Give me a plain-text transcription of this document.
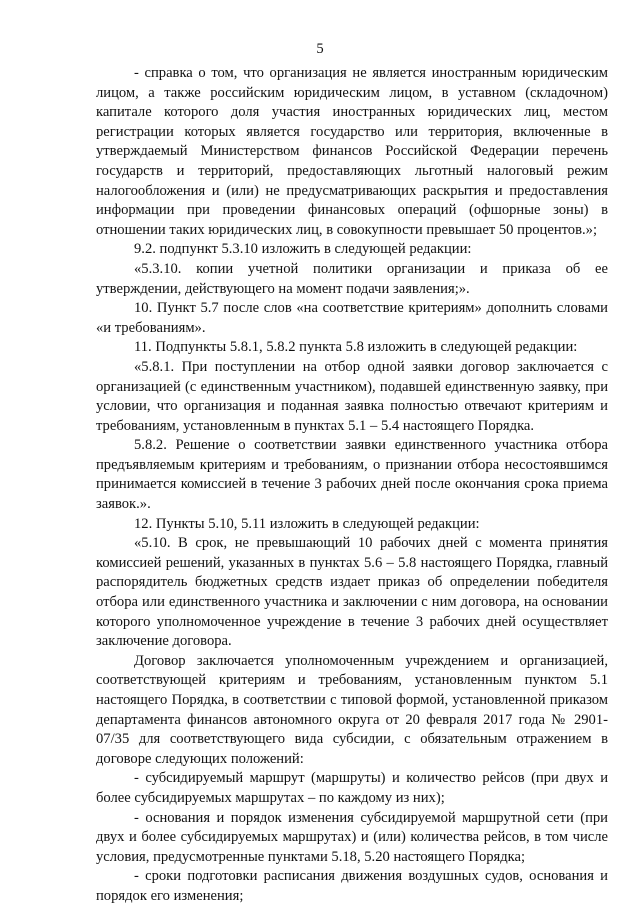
5

- справка о том, что организация не является иностранным юридическим лицом, а также российским юридическим лицом, в уставном (складочном) капитале которого доля участия иностранных юридических лиц, местом регистрации которых является государство или территория, включенные в утверждаемый Министерством финансов Российской Федерации перечень государств и территорий, предоставляющих льготный налоговый режим налогообложения и (или) не предусматривающих раскрытия и предоставления информации при проведении финансовых операций (офшорные зоны) в отношении таких юридических лиц, в совокупности превышает 50 процентов.»;

9.2. подпункт 5.3.10 изложить в следующей редакции:

«5.3.10. копии учетной политики организации и приказа об ее утверждении, действующего на момент подачи заявления;».

10. Пункт 5.7 после слов «на соответствие критериям» дополнить словами «и требованиям».

11. Подпункты 5.8.1, 5.8.2 пункта 5.8 изложить в следующей редакции:

«5.8.1. При поступлении на отбор одной заявки договор заключается с организацией (с единственным участником), подавшей единственную заявку, при условии, что организация и поданная заявка полностью отвечают критериям и требованиям, установленным в пунктах 5.1 – 5.4 настоящего Порядка.

5.8.2. Решение о соответствии заявки единственного участника отбора предъявляемым критериям и требованиям, о признании отбора несостоявшимся принимается комиссией в течение 3 рабочих дней после окончания срока приема заявок.».

12. Пункты 5.10, 5.11 изложить в следующей редакции:

«5.10. В срок, не превышающий 10 рабочих дней с момента принятия комиссией решений, указанных в пунктах 5.6 – 5.8 настоящего Порядка, главный распорядитель бюджетных средств издает приказ об определении победителя отбора или единственного участника и заключении с ним договора, на основании которого уполномоченное учреждение в течение 3 рабочих дней осуществляет заключение договора.

Договор заключается уполномоченным учреждением и организацией, соответствующей критериям и требованиям, установленным пунктом 5.1 настоящего Порядка, в соответствии с типовой формой, установленной приказом департамента финансов автономного округа от 20 февраля 2017 года № 2901-07/35 для соответствующего вида субсидии, с обязательным отражением в договоре следующих положений:

- субсидируемый маршрут (маршруты) и количество рейсов (при двух и более субсидируемых маршрутах – по каждому из них);

- основания и порядок изменения субсидируемой маршрутной сети (при двух и более субсидируемых маршрутах) и (или) количества рейсов, в том числе условия, предусмотренные пунктами 5.18, 5.20 настоящего Порядка;

- сроки подготовки расписания движения воздушных судов, основания и порядок его изменения;
